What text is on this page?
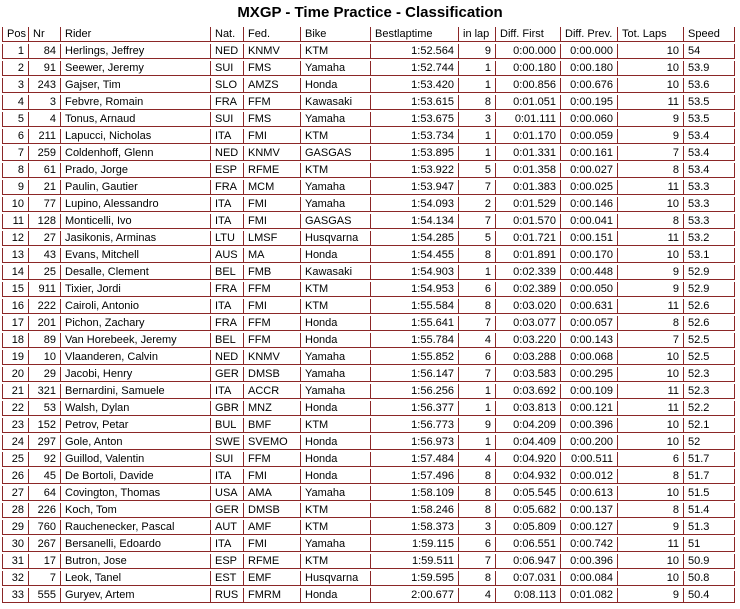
MXGP - Time Practice - Classification
Pos	Nr	Rider	Nat.	Fed.	Bike	Bestlaptime	in lap	Diff. First	Diff. Prev.	Tot. Laps	Speed
1	84	Herlings, Jeffrey	NED	KNMV	KTM	1:52.564	9	0:00.000	0:00.000	10	54
2	91	Seewer, Jeremy	SUI	FMS	Yamaha	1:52.744	1	0:00.180	0:00.180	10	53.9
3	243	Gajser, Tim	SLO	AMZS	Honda	1:53.420	1	0:00.856	0:00.676	10	53.6
4	3	Febvre, Romain	FRA	FFM	Kawasaki	1:53.615	8	0:01.051	0:00.195	11	53.5
5	4	Tonus, Arnaud	SUI	FMS	Yamaha	1:53.675	3	0:01.111	0:00.060	9	53.5
6	211	Lapucci, Nicholas	ITA	FMI	KTM	1:53.734	1	0:01.170	0:00.059	9	53.4
7	259	Coldenhoff, Glenn	NED	KNMV	GASGAS	1:53.895	1	0:01.331	0:00.161	7	53.4
8	61	Prado, Jorge	ESP	RFME	KTM	1:53.922	5	0:01.358	0:00.027	8	53.4
9	21	Paulin, Gautier	FRA	MCM	Yamaha	1:53.947	7	0:01.383	0:00.025	11	53.3
10	77	Lupino, Alessandro	ITA	FMI	Yamaha	1:54.093	2	0:01.529	0:00.146	10	53.3
11	128	Monticelli, Ivo	ITA	FMI	GASGAS	1:54.134	7	0:01.570	0:00.041	8	53.3
12	27	Jasikonis, Arminas	LTU	LMSF	Husqvarna	1:54.285	5	0:01.721	0:00.151	11	53.2
13	43	Evans, Mitchell	AUS	MA	Honda	1:54.455	8	0:01.891	0:00.170	10	53.1
14	25	Desalle, Clement	BEL	FMB	Kawasaki	1:54.903	1	0:02.339	0:00.448	9	52.9
15	911	Tixier, Jordi	FRA	FFM	KTM	1:54.953	6	0:02.389	0:00.050	9	52.9
16	222	Cairoli, Antonio	ITA	FMI	KTM	1:55.584	8	0:03.020	0:00.631	11	52.6
17	201	Pichon, Zachary	FRA	FFM	Honda	1:55.641	7	0:03.077	0:00.057	8	52.6
18	89	Van Horebeek, Jeremy	BEL	FFM	Honda	1:55.784	4	0:03.220	0:00.143	7	52.5
19	10	Vlaanderen, Calvin	NED	KNMV	Yamaha	1:55.852	6	0:03.288	0:00.068	10	52.5
20	29	Jacobi, Henry	GER	DMSB	Yamaha	1:56.147	7	0:03.583	0:00.295	10	52.3
21	321	Bernardini, Samuele	ITA	ACCR	Yamaha	1:56.256	1	0:03.692	0:00.109	11	52.3
22	53	Walsh, Dylan	GBR	MNZ	Honda	1:56.377	1	0:03.813	0:00.121	11	52.2
23	152	Petrov, Petar	BUL	BMF	KTM	1:56.773	9	0:04.209	0:00.396	10	52.1
24	297	Gole, Anton	SWE	SVEMO	Honda	1:56.973	1	0:04.409	0:00.200	10	52
25	92	Guillod, Valentin	SUI	FFM	Honda	1:57.484	4	0:04.920	0:00.511	6	51.7
26	45	De Bortoli, Davide	ITA	FMI	Honda	1:57.496	8	0:04.932	0:00.012	8	51.7
27	64	Covington, Thomas	USA	AMA	Yamaha	1:58.109	8	0:05.545	0:00.613	10	51.5
28	226	Koch, Tom	GER	DMSB	KTM	1:58.246	8	0:05.682	0:00.137	8	51.4
29	760	Rauchenecker, Pascal	AUT	AMF	KTM	1:58.373	3	0:05.809	0:00.127	9	51.3
30	267	Bersanelli, Edoardo	ITA	FMI	Yamaha	1:59.115	6	0:06.551	0:00.742	11	51
31	17	Butron, Jose	ESP	RFME	KTM	1:59.511	7	0:06.947	0:00.396	10	50.9
32	7	Leok, Tanel	EST	EMF	Husqvarna	1:59.595	8	0:07.031	0:00.084	10	50.8
33	555	Guryev, Artem	RUS	FMRM	Honda	2:00.677	4	0:08.113	0:01.082	9	50.4
